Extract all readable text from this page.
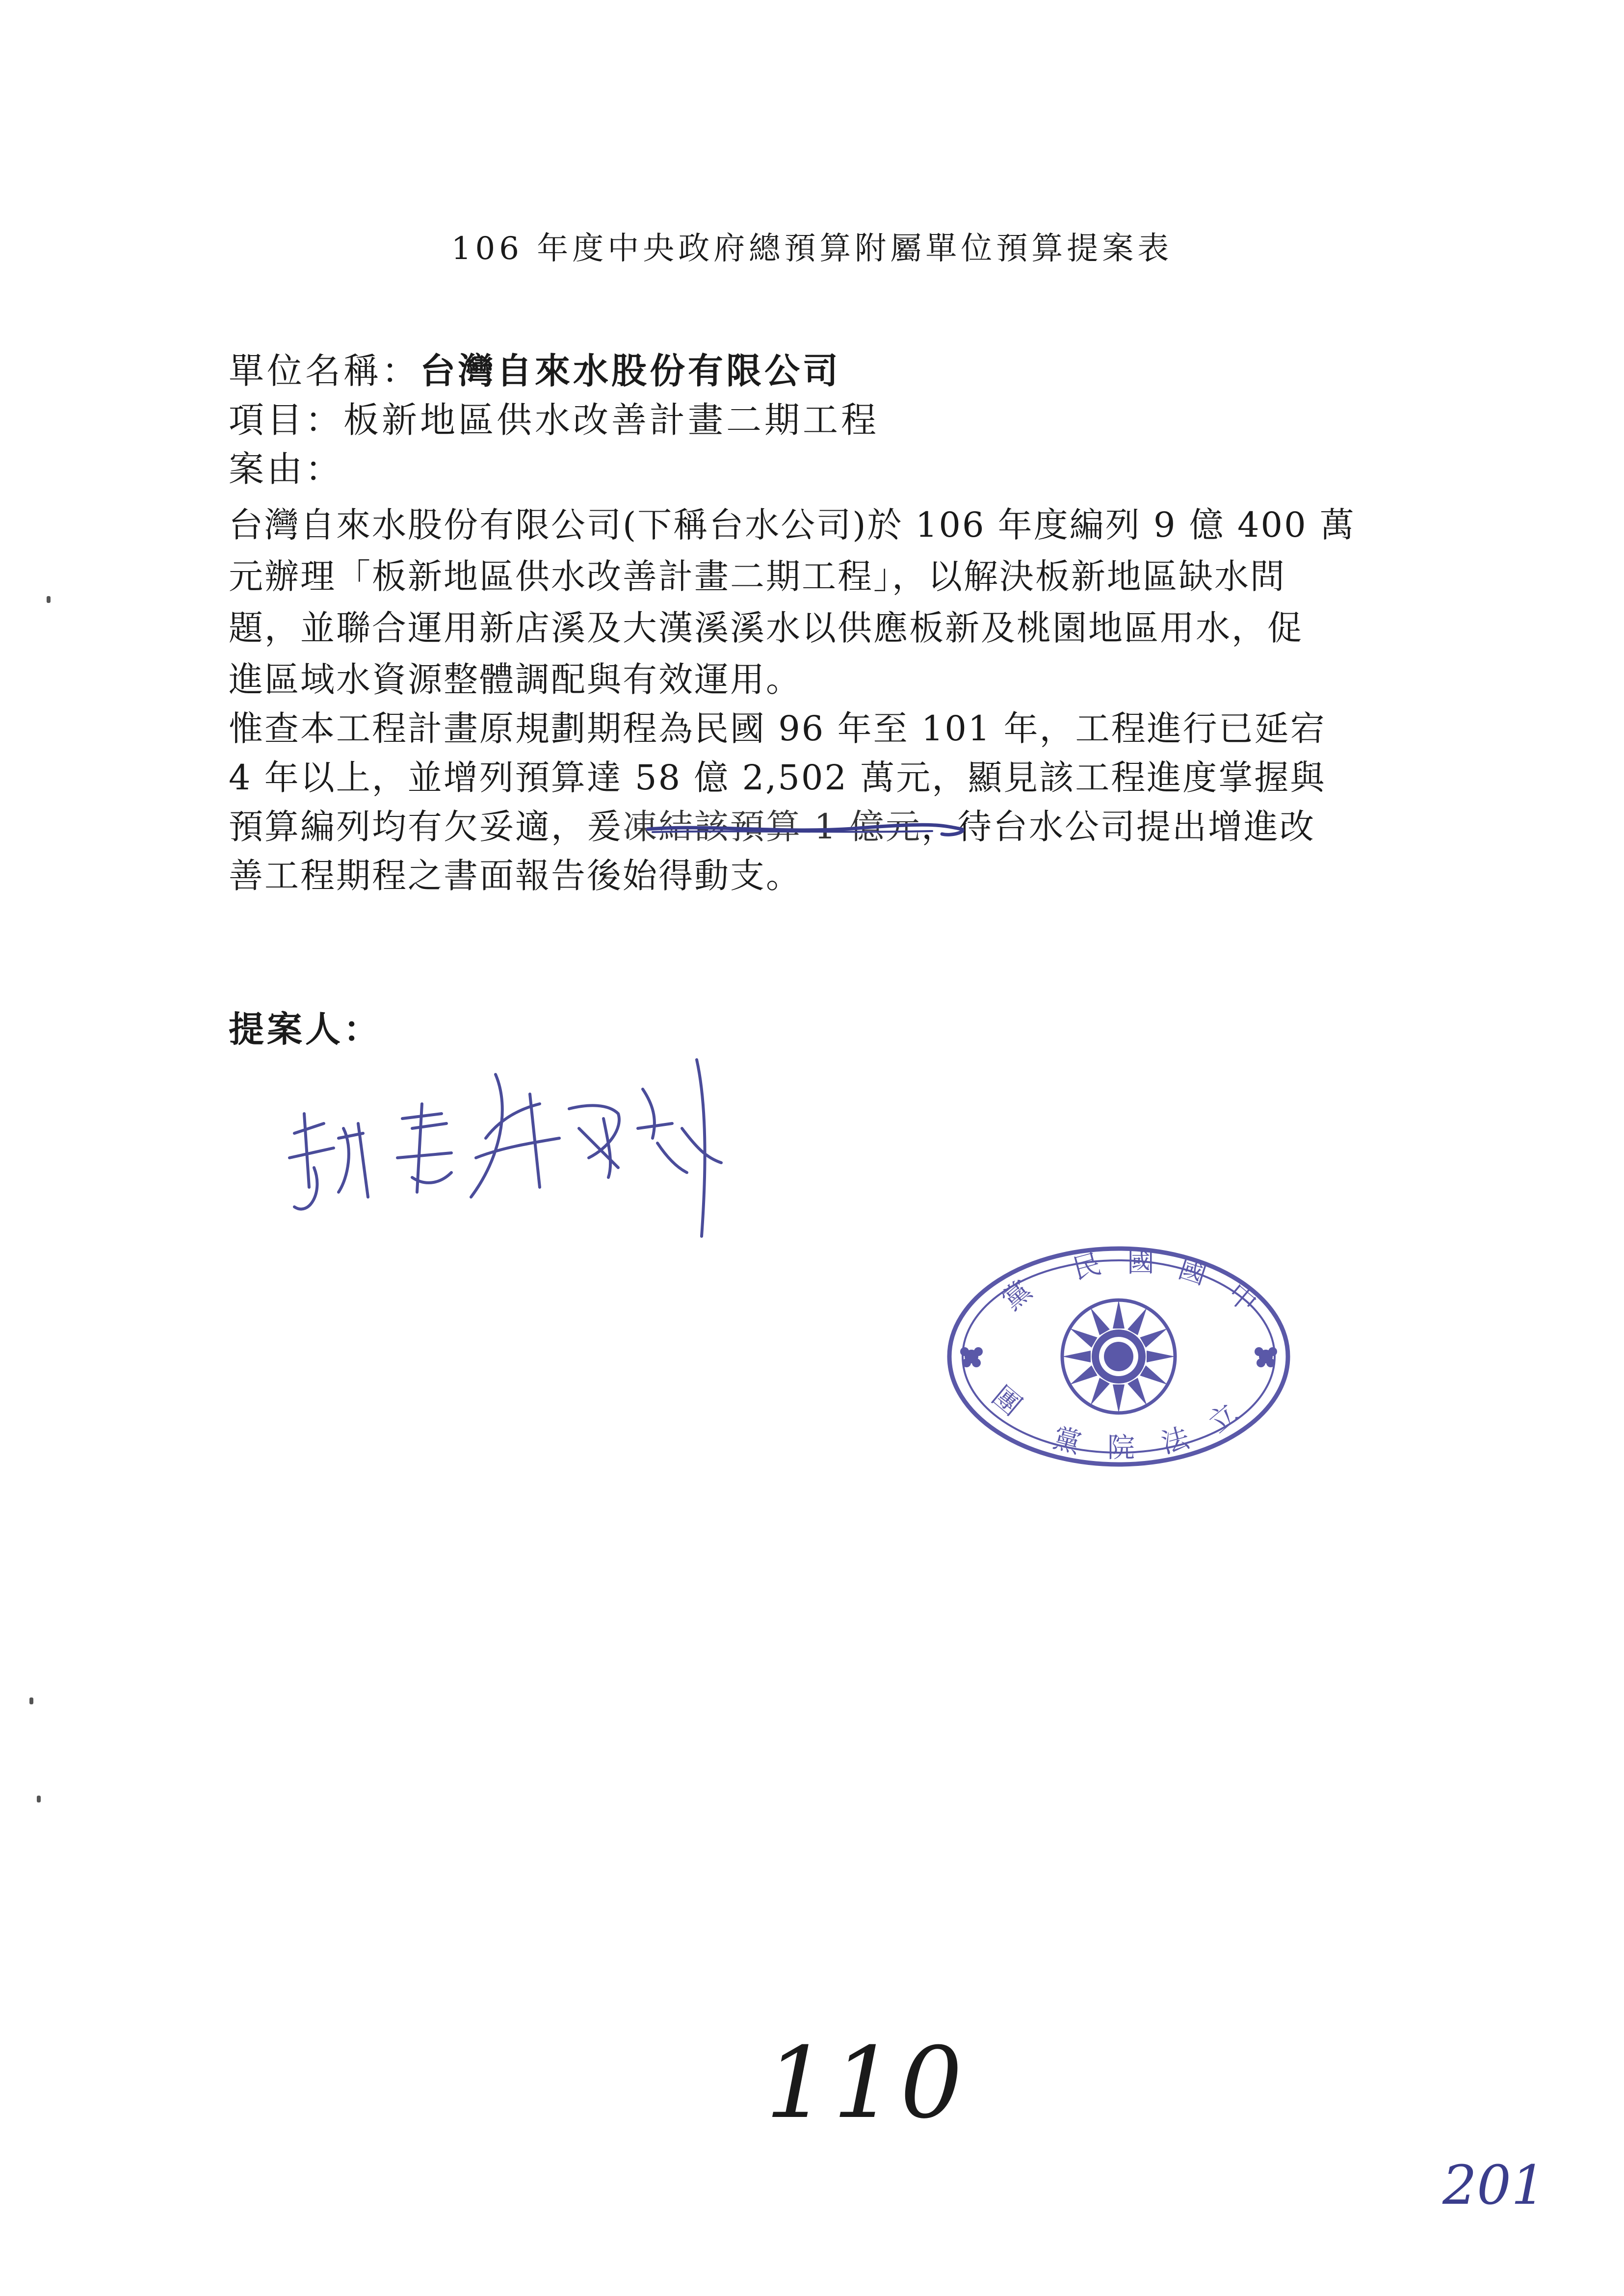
106 年度中央政府總預算附屬單位預算提案表
單位名稱：台灣自來水股份有限公司
項目：板新地區供水改善計畫二期工程
案由：
台灣自來水股份有限公司(下稱台水公司)於 106 年度編列 9 億 400 萬
元辦理「板新地區供水改善計畫二期工程」，以解決板新地區缺水問
題，並聯合運用新店溪及大漢溪溪水以供應板新及桃園地區用水，促
進區域水資源整體調配與有效運用。
惟查本工程計畫原規劃期程為民國 96 年至 101 年，工程進行已延宕
4 年以上，並增列預算達 58 億 2,502 萬元，顯見該工程進度掌握與
預算編列均有欠妥適，爰凍結該預算 1 億元，待台水公司提出增進改
善工程期程之書面報告後始得動支。
提案人：
中
國
國
民
黨
立
法
院
黨
團
110
201
